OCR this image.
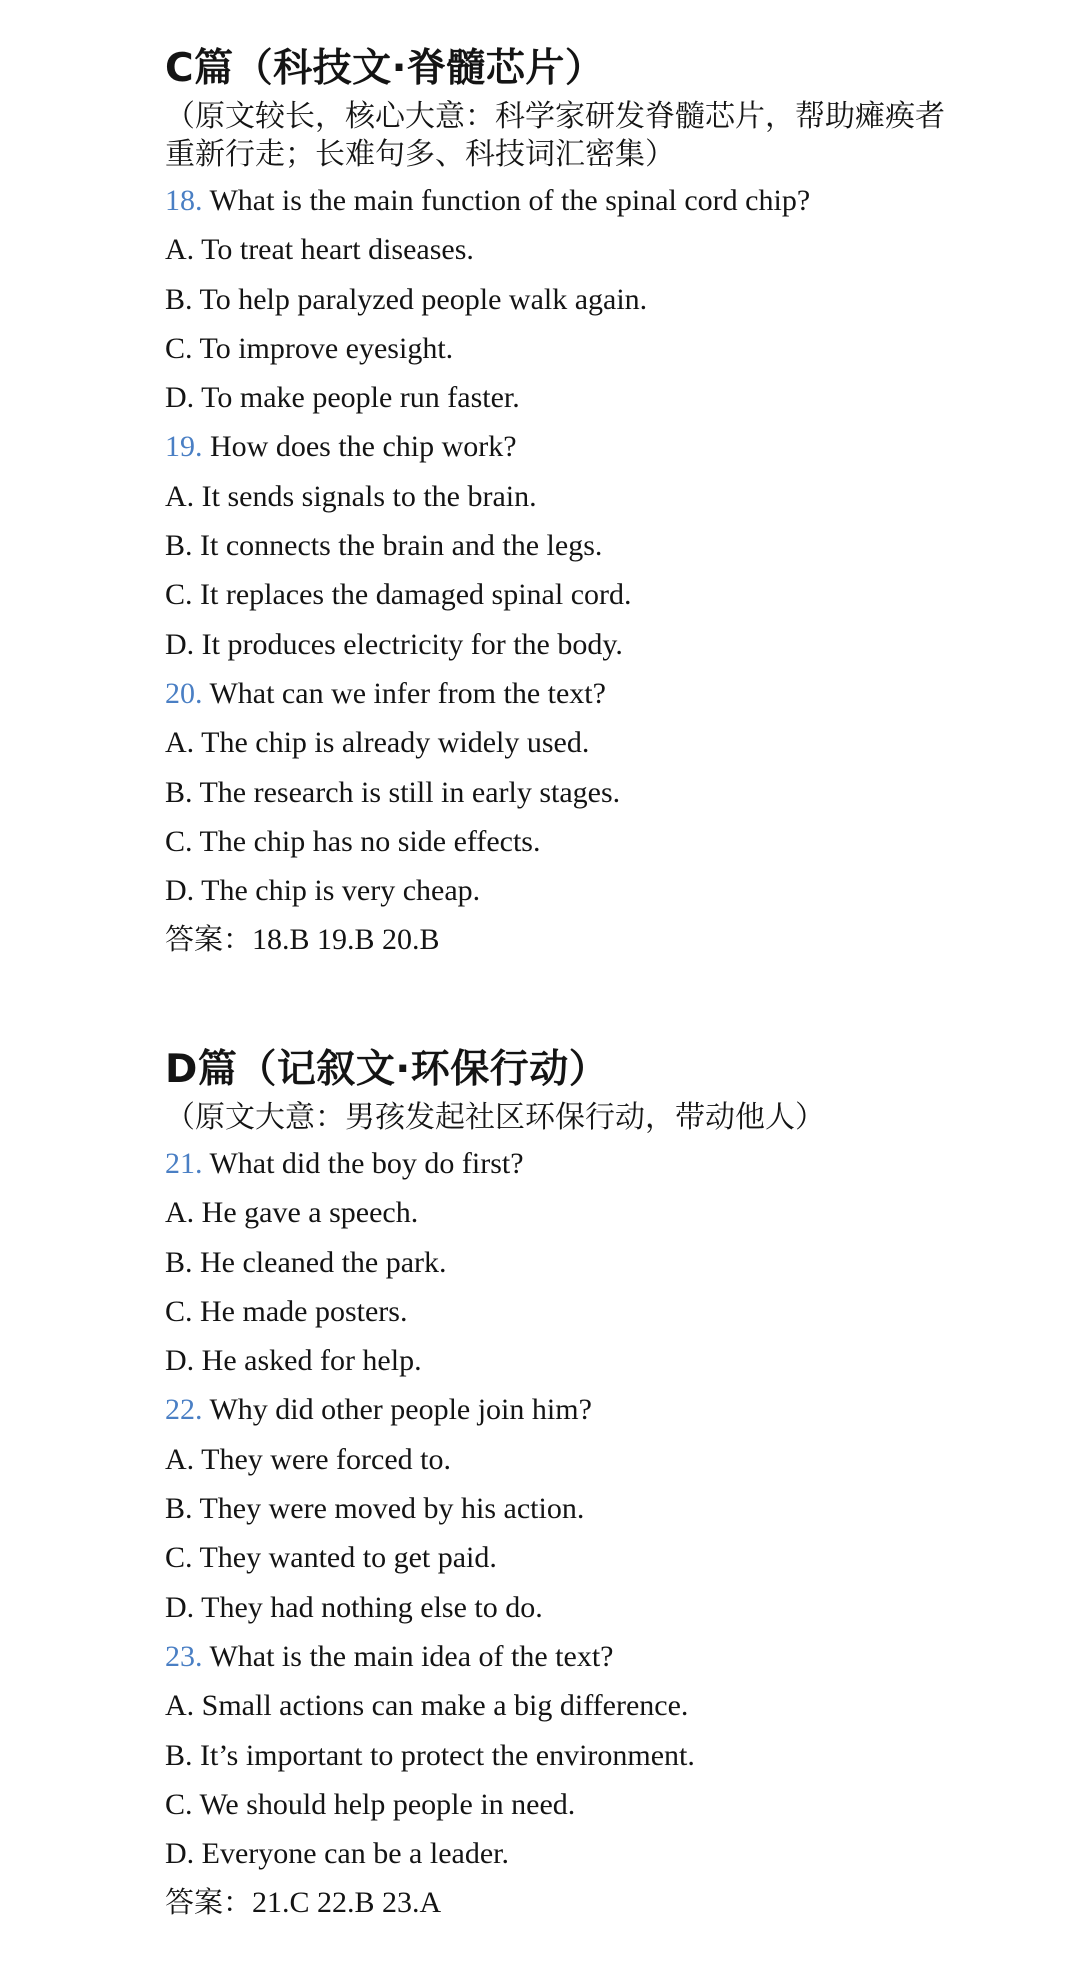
C篇（科技文·脊髓芯片）

（原文较长，核心大意：科学家研发脊髓芯片，帮助瘫痪者重新行走；长难句多、科技词汇密集）

18. What is the main function of the spinal cord chip?
A. To treat heart diseases.
B. To help paralyzed people walk again.
C. To improve eyesight.
D. To make people run faster.
19. How does the chip work?
A. It sends signals to the brain.
B. It connects the brain and the legs.
C. It replaces the damaged spinal cord.
D. It produces electricity for the body.
20. What can we infer from the text?
A. The chip is already widely used.
B. The research is still in early stages.
C. The chip has no side effects.
D. The chip is very cheap.
答案：18.B 19.B 20.B
D篇（记叙文·环保行动）

（原文大意：男孩发起社区环保行动，带动他人）

21. What did the boy do first?
A. He gave a speech.
B. He cleaned the park.
C. He made posters.
D. He asked for help.
22. Why did other people join him?
A. They were forced to.
B. They were moved by his action.
C. They wanted to get paid.
D. They had nothing else to do.
23. What is the main idea of the text?
A. Small actions can make a big difference.
B. It’s important to protect the environment.
C. We should help people in need.
D. Everyone can be a leader.
答案：21.C 22.B 23.A
